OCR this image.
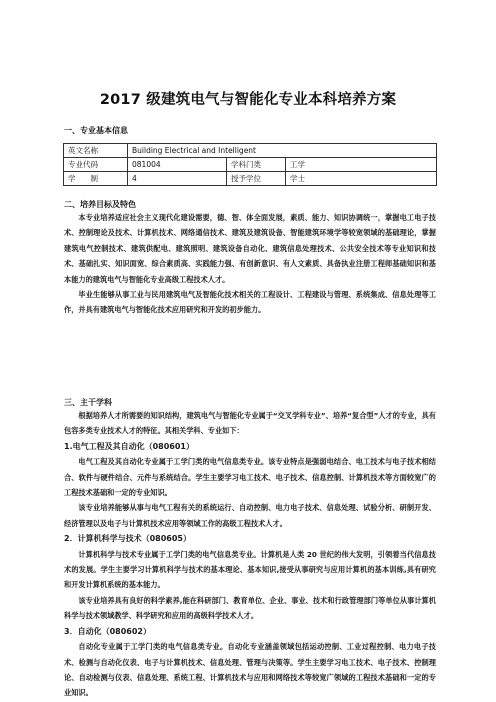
2017 级建筑电气与智能化专业本科培养方案
一、专业基本信息
英文名称	Building Electrical and Intelligent		
专业代码	081004	学科门类	工学
学　　制	4	授予学位	学士
二、培养目标及特色

本专业培养适应社会主义现代化建设需要，德、智、体全面发展，素质、能力、知识协调统一，掌握电工电子技术、控制理论及技术、计算机技术、网络通信技术、建筑及建筑设备、智能建筑环境学等较宽领域的基础理论，掌握建筑电气控制技术、建筑供配电、建筑照明、建筑设备自动化、建筑信息处理技术、公共安全技术等专业知识和技术、基础扎实、知识面宽、综合素质高、实践能力强、有创新意识、有人文素质、具备执业注册工程师基础知识和基本能力的建筑电气与智能化专业高级工程技术人才。

毕业生能够从事工业与民用建筑电气及智能化技术相关的工程设计、工程建设与管理、系统集成、信息处理等工作，并具有建筑电气与智能化技术应用研究和开发的初步能力。

三、主干学科

根据培养人才所需要的知识结构，建筑电气与智能化专业属于“交叉学科专业”、培养“复合型”人才的专业，具有包容多类专业技术人才的特征。其相关学科、专业如下：

1.电气工程及其自动化（080601）

电气工程及其自动化专业属于工学门类的电气信息类专业。该专业特点是强弱电结合、电工技术与电子技术相结合、软件与硬件结合、元件与系统结合。学生主要学习电工技术、电子技术、信息控制、计算机技术等方面较宽广的工程技术基础和一定的专业知识。

该专业培养能够从事与电气工程有关的系统运行、自动控制、电力电子技术、信息处理、试验分析、研制开发、经济管理以及电子与计算机技术应用等领域工作的高级工程技术人才。

2．计算机科学与技术（080605）

计算机科学与技术专业属于工学门类的电气信息类专业。计算机是人类 20 世纪的伟大发明，引领着当代信息技术的发展。学生主要学习计算机科学与技术的基本理论、基本知识,接受从事研究与应用计算机的基本训练,具有研究和开发计算机系统的基本能力。

该专业培养具有良好的科学素养,能在科研部门、教育单位、企业、事业、技术和行政管理部门等单位从事计算机科学与技术领域教学、科学研究和应用的高级科学技术人才。

3．自动化（080602）

自动化专业属于工学门类的电气信息类专业。自动化专业涵盖领域包括运动控制、工业过程控制、电力电子技术、检测与自动化仪表、电子与计算机技术、信息处理、管理与决策等。学生主要学习电工技术、电子技术、控制理论、自动检测与仪表、信息处理、系统工程、计算机技术与应用和网络技术等较宽广领域的工程技术基础和一定的专业知识。
